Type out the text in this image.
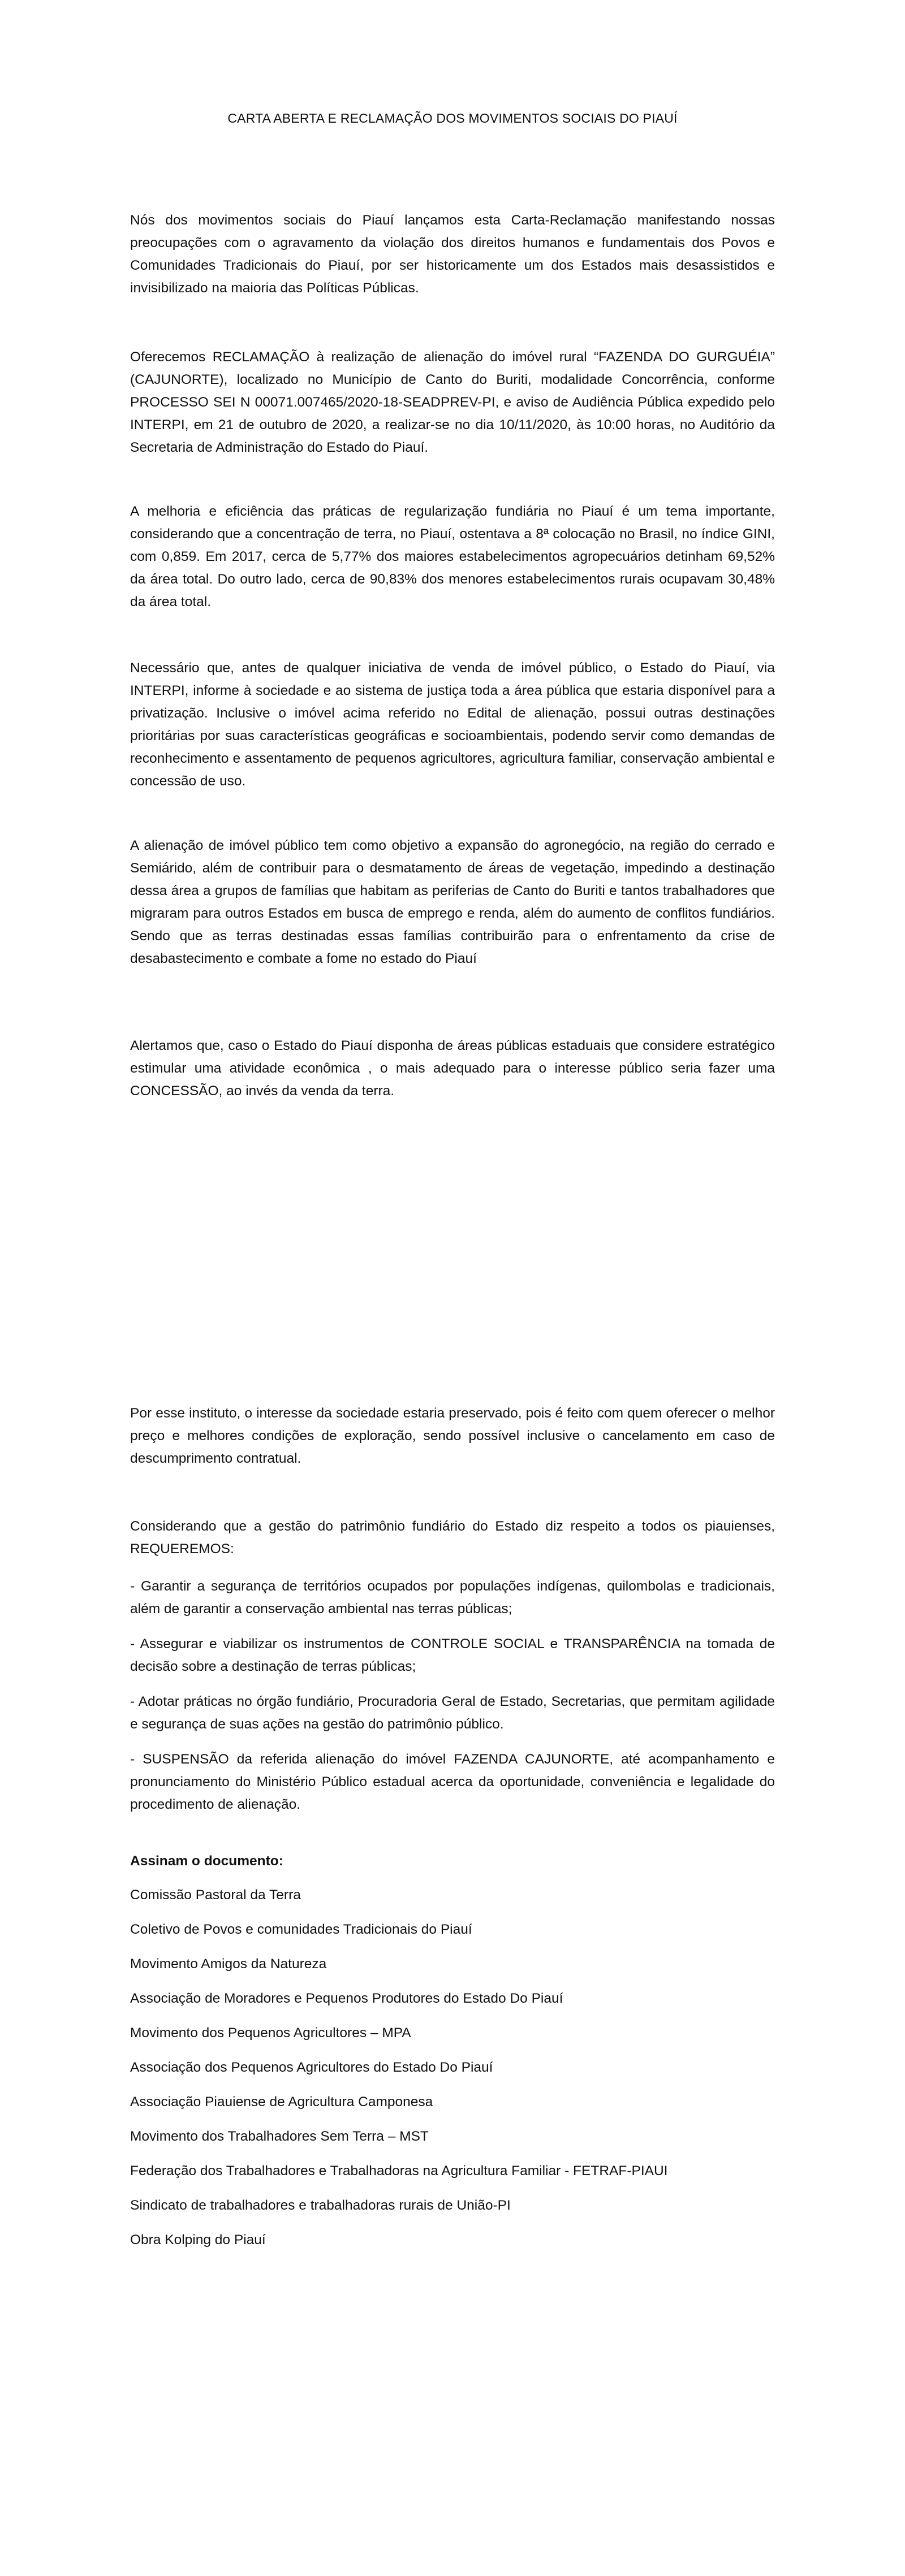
CARTA ABERTA E RECLAMAÇÃO DOS MOVIMENTOS SOCIAIS DO PIAUÍ

Nós dos movimentos sociais do Piauí lançamos esta Carta-Reclamação manifestando nossas preocupações com o agravamento da violação dos direitos humanos e fundamentais dos Povos e Comunidades Tradicionais do Piauí, por ser historicamente um dos Estados mais desassistidos e invisibilizado na maioria das Políticas Públicas.

Oferecemos RECLAMAÇÃO à realização de alienação do imóvel rural “FAZENDA DO GURGUÉIA” (CAJUNORTE), localizado no Município de Canto do Buriti, modalidade Concorrência, conforme PROCESSO SEI N 00071.007465/2020-18-SEADPREV-PI, e aviso de Audiência Pública expedido pelo INTERPI, em 21 de outubro de 2020, a realizar-se no dia 10/11/2020, às 10:00 horas, no Auditório da Secretaria de Administração do Estado do Piauí.

A melhoria e eficiência das práticas de regularização fundiária no Piauí é um tema importante, considerando que a concentração de terra, no Piauí, ostentava a 8ª colocação no Brasil, no índice GINI, com 0,859. Em 2017, cerca de 5,77% dos maiores estabelecimentos agropecuários detinham 69,52% da área total. Do outro lado, cerca de 90,83% dos menores estabelecimentos rurais ocupavam 30,48% da área total.

Necessário que, antes de qualquer iniciativa de venda de imóvel público, o Estado do Piauí, via INTERPI, informe à sociedade e ao sistema de justiça toda a área pública que estaria disponível para a privatização. Inclusive o imóvel acima referido no Edital de alienação, possui outras destinações prioritárias por suas características geográficas e socioambientais, podendo servir como demandas de reconhecimento e assentamento de pequenos agricultores, agricultura familiar, conservação ambiental e concessão de uso.

A alienação de imóvel público tem como objetivo a expansão do agronegócio, na região do cerrado e Semiárido, além de contribuir para o desmatamento de áreas de vegetação, impedindo a destinação dessa área a grupos de famílias que habitam as periferias de Canto do Buriti e tantos trabalhadores que migraram para outros Estados em busca de emprego e renda, além do aumento de conflitos fundiários. Sendo que as terras destinadas essas famílias contribuirão para o enfrentamento da crise de desabastecimento e combate a fome no estado do Piauí

Alertamos que, caso o Estado do Piauí disponha de áreas públicas estaduais que considere estratégico estimular uma atividade econômica , o mais adequado para o interesse público seria fazer uma CONCESSÃO, ao invés da venda da terra.

Por esse instituto, o interesse da sociedade estaria preservado, pois é feito com quem oferecer o melhor preço e melhores condições de exploração, sendo possível inclusive o cancelamento em caso de descumprimento contratual.

Considerando que a gestão do patrimônio fundiário do Estado diz respeito a todos os piauienses, REQUEREMOS:

- Garantir a segurança de territórios ocupados por populações indígenas, quilombolas e tradicionais, além de garantir a conservação ambiental nas terras públicas;

- Assegurar e viabilizar os instrumentos de CONTROLE SOCIAL e TRANSPARÊNCIA na tomada de decisão sobre a destinação de terras públicas;

- Adotar práticas no órgão fundiário, Procuradoria Geral de Estado, Secretarias, que permitam agilidade e segurança de suas ações na gestão do patrimônio público.

- SUSPENSÃO da referida alienação do imóvel FAZENDA CAJUNORTE, até acompanhamento e pronunciamento do Ministério Público estadual acerca da oportunidade, conveniência e legalidade do procedimento de alienação.

Assinam o documento:
Comissão Pastoral da Terra
Coletivo de Povos e comunidades Tradicionais do Piauí
Movimento Amigos da Natureza
Associação de Moradores e Pequenos Produtores do Estado Do Piauí
Movimento dos Pequenos Agricultores – MPA
Associação dos Pequenos Agricultores do Estado Do Piauí
Associação Piauiense de Agricultura Camponesa
Movimento dos Trabalhadores Sem Terra – MST
Federação dos Trabalhadores e Trabalhadoras na Agricultura Familiar - FETRAF-PIAUI
Sindicato de trabalhadores e trabalhadoras rurais de União-PI
Obra Kolping do Piauí
